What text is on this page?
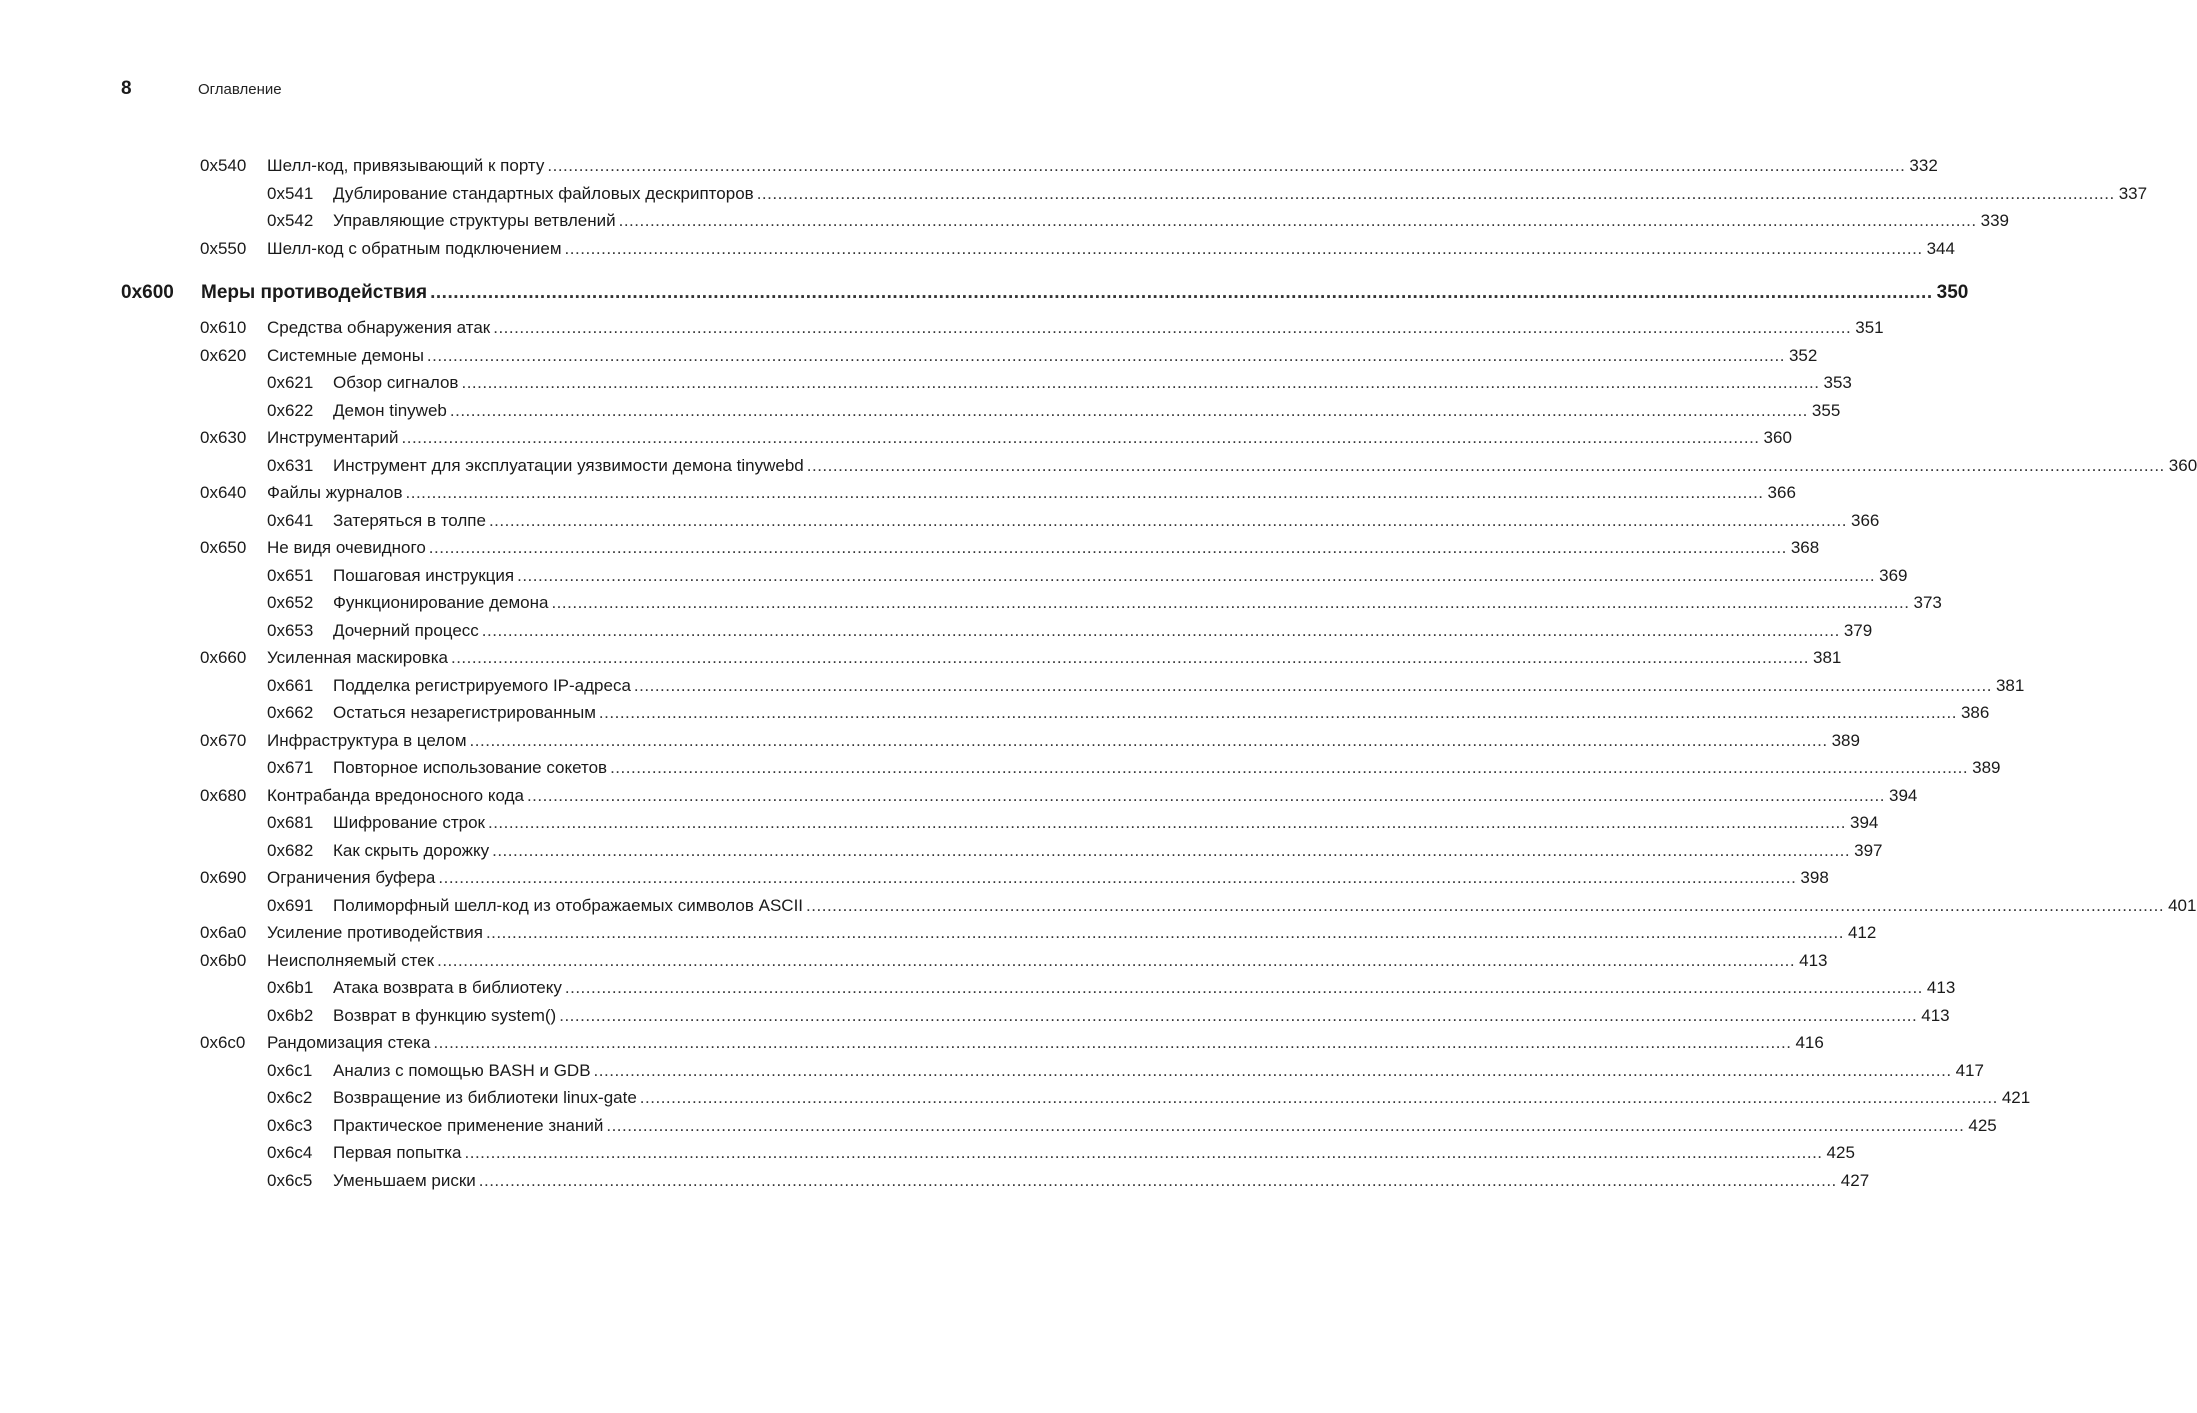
8	Оглавление
0x540 Шелл-код, привязывающий к порту .................................................................................................................................................................................................................................................................... 332
0x541 Дублирование стандартных файловых дескрипторов .................................................................................................................................................................................................................................................................... 337
0x542 Управляющие структуры ветвлений .................................................................................................................................................................................................................................................................... 339
0x550 Шелл-код с обратным подключением .................................................................................................................................................................................................................................................................... 344
0x600 Меры противодействия .................................................................................................................................................................................................................................................................... 350
0x610 Средства обнаружения атак .................................................................................................................................................................................................................................................................... 351
0x620 Системные демоны .................................................................................................................................................................................................................................................................... 352
0x621 Обзор сигналов .................................................................................................................................................................................................................................................................... 353
0x622 Демон tinyweb .................................................................................................................................................................................................................................................................... 355
0x630 Инструментарий .................................................................................................................................................................................................................................................................... 360
0x631 Инструмент для эксплуатации уязвимости демона tinywebd .................................................................................................................................................................................................................................................................... 360
0x640 Файлы журналов .................................................................................................................................................................................................................................................................... 366
0x641 Затеряться в толпе .................................................................................................................................................................................................................................................................... 366
0x650 Не видя очевидного .................................................................................................................................................................................................................................................................... 368
0x651 Пошаговая инструкция .................................................................................................................................................................................................................................................................... 369
0x652 Функционирование демона .................................................................................................................................................................................................................................................................... 373
0x653 Дочерний процесс .................................................................................................................................................................................................................................................................... 379
0x660 Усиленная маскировка .................................................................................................................................................................................................................................................................... 381
0x661 Подделка регистрируемого IP-адреса .................................................................................................................................................................................................................................................................... 381
0x662 Остаться незарегистрированным .................................................................................................................................................................................................................................................................... 386
0x670 Инфраструктура в целом .................................................................................................................................................................................................................................................................... 389
0x671 Повторное использование сокетов .................................................................................................................................................................................................................................................................... 389
0x680 Контрабанда вредоносного кода .................................................................................................................................................................................................................................................................... 394
0x681 Шифрование строк .................................................................................................................................................................................................................................................................... 394
0x682 Как скрыть дорожку .................................................................................................................................................................................................................................................................... 397
0x690 Ограничения буфера .................................................................................................................................................................................................................................................................... 398
0x691 Полиморфный шелл-код из отображаемых символов ASCII .................................................................................................................................................................................................................................................................... 401
0x6a0 Усиление противодействия .................................................................................................................................................................................................................................................................... 412
0x6b0 Неисполняемый стек .................................................................................................................................................................................................................................................................... 413
0x6b1 Атака возврата в библиотеку .................................................................................................................................................................................................................................................................... 413
0x6b2 Возврат в функцию system() .................................................................................................................................................................................................................................................................... 413
0x6c0 Рандомизация стека .................................................................................................................................................................................................................................................................... 416
0x6c1 Анализ с помощью BASH и GDB .................................................................................................................................................................................................................................................................... 417
0x6c2 Возвращение из библиотеки linux-gate .................................................................................................................................................................................................................................................................... 421
0x6c3 Практическое применение знаний .................................................................................................................................................................................................................................................................... 425
0x6c4 Первая попытка .................................................................................................................................................................................................................................................................... 425
0x6c5 Уменьшаем риски .................................................................................................................................................................................................................................................................... 427
